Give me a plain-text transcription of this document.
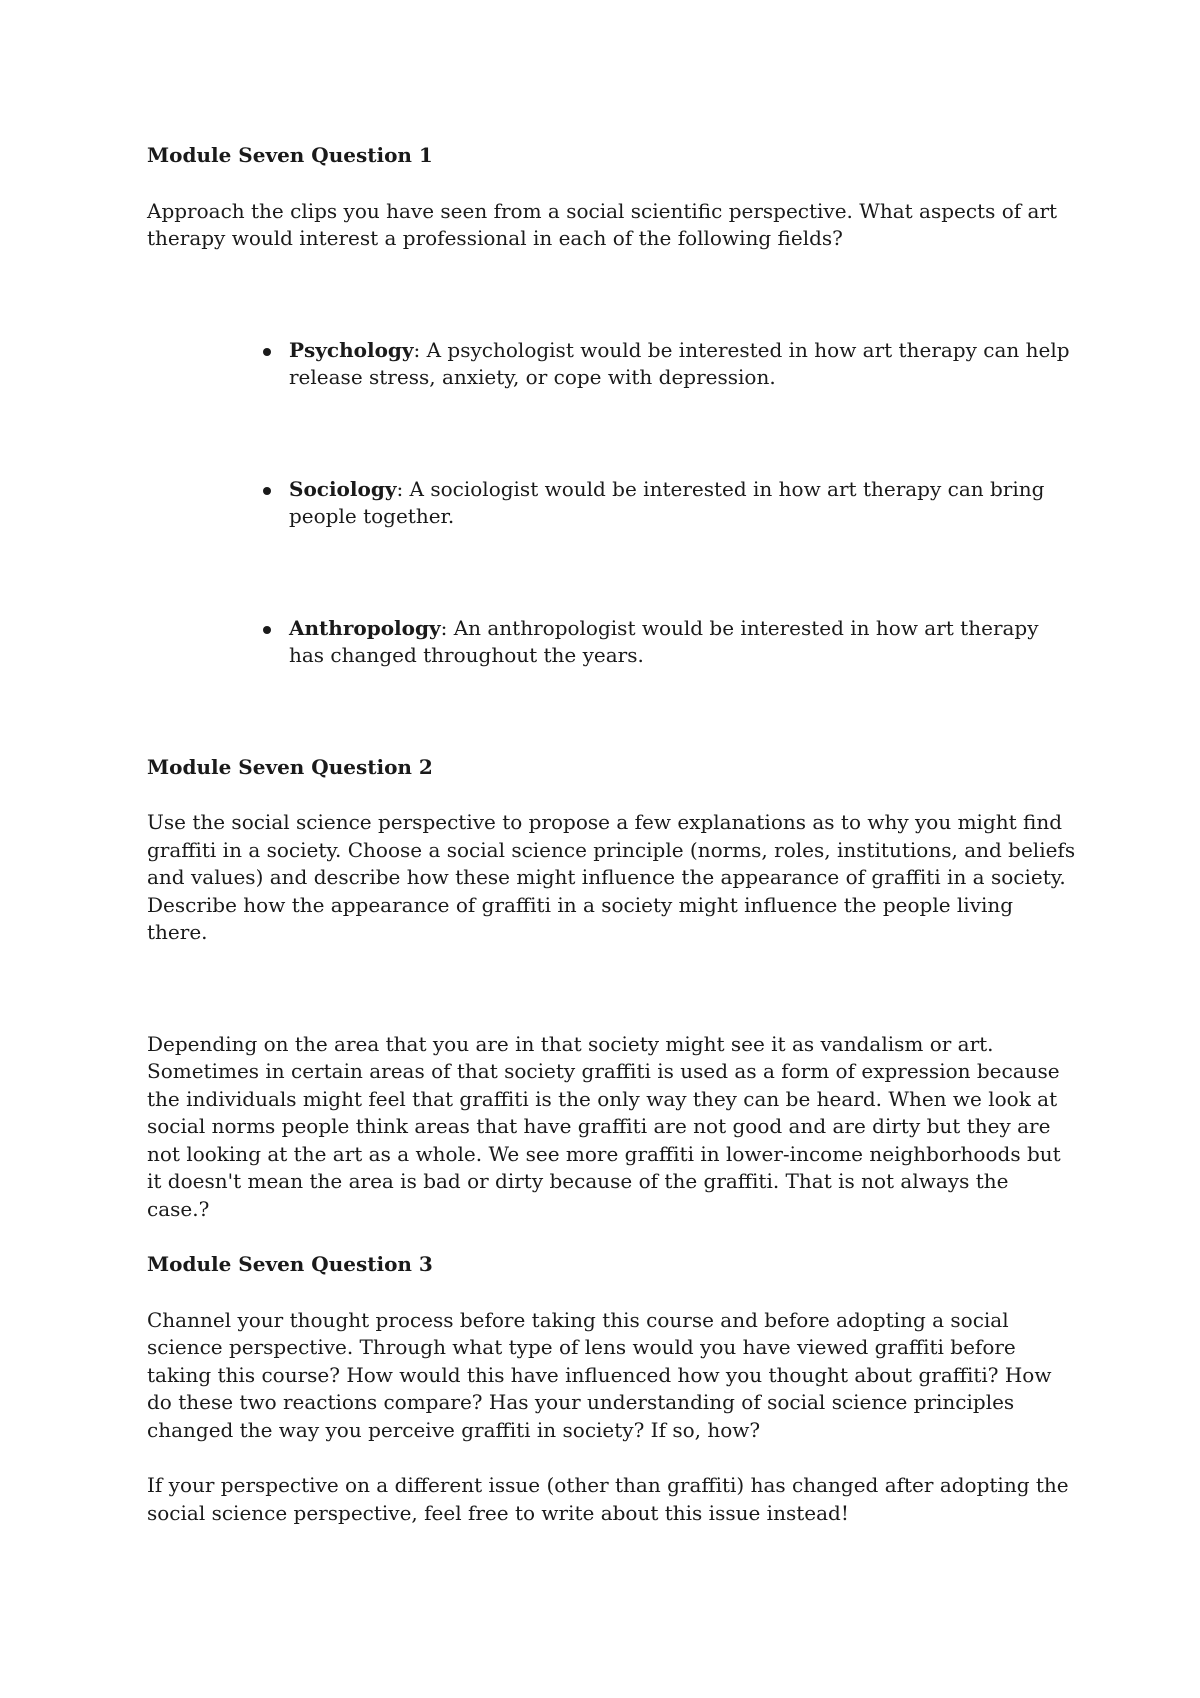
Module Seven Question 1

Approach the clips you have seen from a social scientific perspective. What aspects of art therapy would interest a professional in each of the following fields?

Psychology: A psychologist would be interested in how art therapy can help release stress, anxiety, or cope with depression.
Sociology: A sociologist would be interested in how art therapy can bring people together.
Anthropology: An anthropologist would be interested in how art therapy has changed throughout the years.
Module Seven Question 2

Use the social science perspective to propose a few explanations as to why you might find graffiti in a society. Choose a social science principle (norms, roles, institutions, and beliefs and values) and describe how these might influence the appearance of graffiti in a society. Describe how the appearance of graffiti in a society might influence the people living there.

Depending on the area that you are in that society might see it as vandalism or art. Sometimes in certain areas of that society graffiti is used as a form of expression because the individuals might feel that graffiti is the only way they can be heard. When we look at social norms people think areas that have graffiti are not good and are dirty but they are not looking at the art as a whole. We see more graffiti in lower-income neighborhoods but it doesn't mean the area is bad or dirty because of the graffiti. That is not always the case.?

Module Seven Question 3

Channel your thought process before taking this course and before adopting a social science perspective. Through what type of lens would you have viewed graffiti before taking this course? How would this have influenced how you thought about graffiti? How do these two reactions compare? Has your understanding of social science principles changed the way you perceive graffiti in society? If so, how?

If your perspective on a different issue (other than graffiti) has changed after adopting the social science perspective, feel free to write about this issue instead!
